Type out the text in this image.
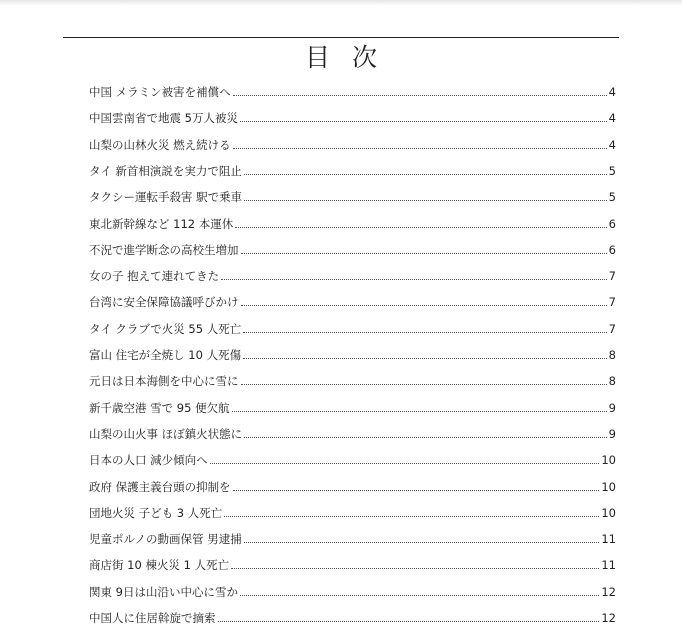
目次
中国 メラミン被害を補償へ	4
中国雲南省で地震 5万人被災	4
山梨の山林火災 燃え続ける	4
タイ 新首相演説を実力で阻止	5
タクシー運転手殺害 駅で乗車	5
東北新幹線など 112 本運休	6
不況で進学断念の高校生増加	6
女の子 抱えて連れてきた	7
台湾に安全保障協議呼びかけ	7
タイ クラブで火災 55 人死亡	7
富山 住宅が全焼し 10 人死傷	8
元日は日本海側を中心に雪に	8
新千歳空港 雪で 95 便欠航	9
山梨の山火事 ほぼ鎮火状態に	9
日本の人口 減少傾向へ	10
政府 保護主義台頭の抑制を	10
団地火災 子ども 3 人死亡	10
児童ポルノの動画保管 男逮捕	11
商店街 10 棟火災 1 人死亡	11
関東 9日は山沿い中心に雪か	12
中国人に住居斡旋で摘索	12
